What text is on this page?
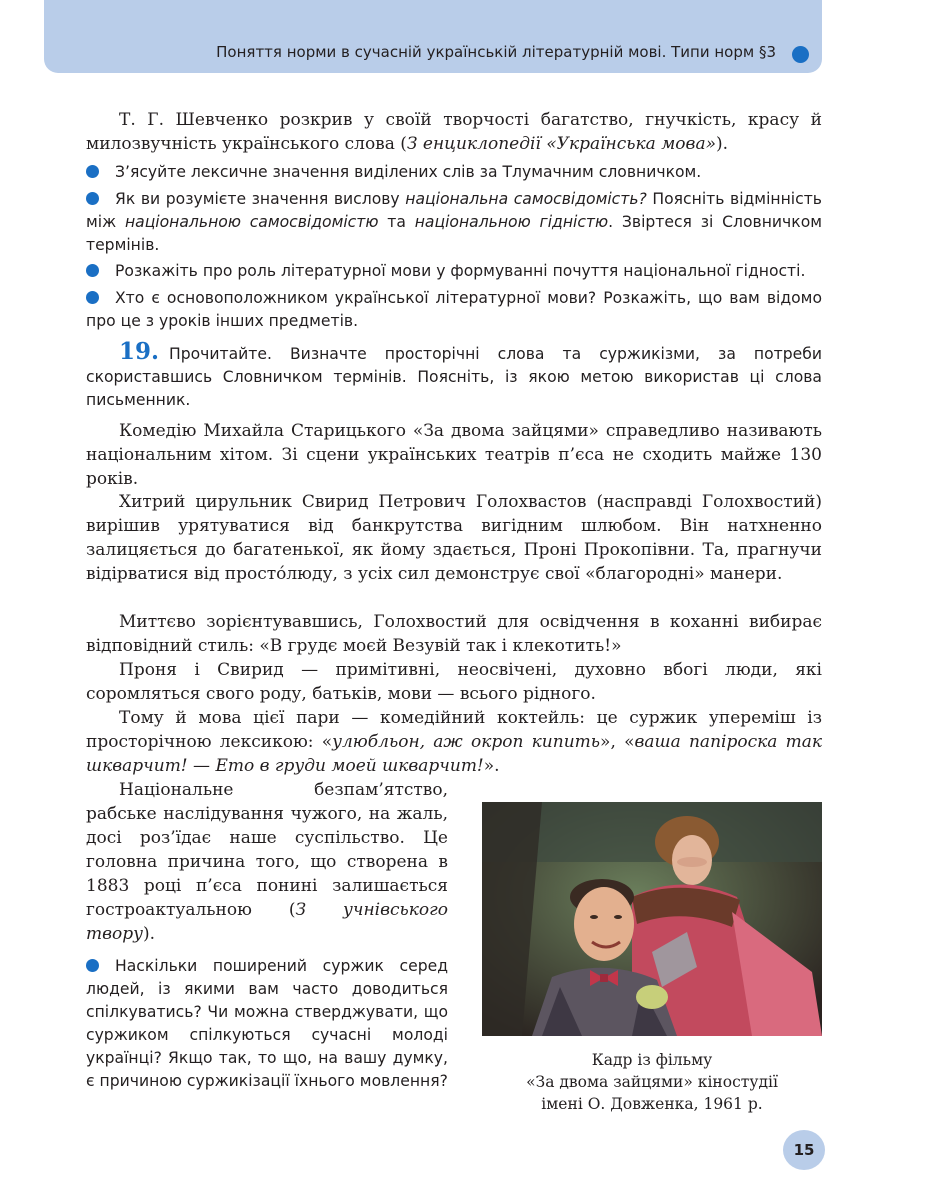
Поняття норми в сучасній українській літературній мові. Типи норм §3
Т. Г. Шевченко розкрив у своїй творчості багатство, гнучкість, красу й милозвучність українського слова (З енциклопедії «Українська мова»).
З’ясуйте лексичне значення виділених слів за Тлумачним словничком.
Як ви розумієте значення вислову національна самосвідомість? Поясніть відмінність між національною самосвідомістю та національною гідністю. Звіртеся зі Словничком термінів.
Розкажіть про роль літературної мови у формуванні почуття національної гідності.
Хто є основоположником української літературної мови? Розкажіть, що вам відомо про це з уроків інших предметів.
19. Прочитайте. Визначте просторічні слова та суржикізми, за потреби скориставшись Словничком термінів. Поясніть, із якою метою використав ці слова письменник.
Комедію Михайла Старицького «За двома зайцями» справедливо називають національним хітом. Зі сцени українських театрів п’єса не сходить майже 130 років.
Хитрий цирульник Свирид Петрович Голохвастов (насправді Голохвостий) вирішив урятуватися від банкрутства вигідним шлюбом. Він натхненно залицяється до багатенької, як йому здається, Проні Прокопівни. Та, прагнучи відірватися від просто́люду, з усіх сил демонструє свої «благородні» манери.
Миттєво зорієнтувавшись, Голохвостий для освідчення в коханні вибирає відповідний стиль: «В грудє моєй Везувій так і клекотить!»
Проня і Свирид — примітивні, неосвічені, духовно вбогі люди, які соромляться свого роду, батьків, мови — всього рідного.
Тому й мова цієї пари — комедійний коктейль: це суржик упереміш із просторічною лексикою: «улюбльон, аж окроп кипить», «ваша папіроска так шкварчит! — Ето в груди моей шкварчит!».
Національне безпам’ятство, рабське наслідування чужого, на жаль, досі роз’їдає наше суспільство. Це головна причина того, що створена в 1883 році п’єса понині залишається гостроактуальною (З учнівського твору).
Наскільки поширений суржик серед людей, із якими вам часто доводиться спілкуватись? Чи можна стверджувати, що суржиком спілкуються сучасні молоді українці? Якщо так, то що, на вашу думку, є причиною суржикізації їхнього мовлення?
Кадр із фільму
«За двома зайцями» кіностудії
імені О. Довженка, 1961 р.
15
